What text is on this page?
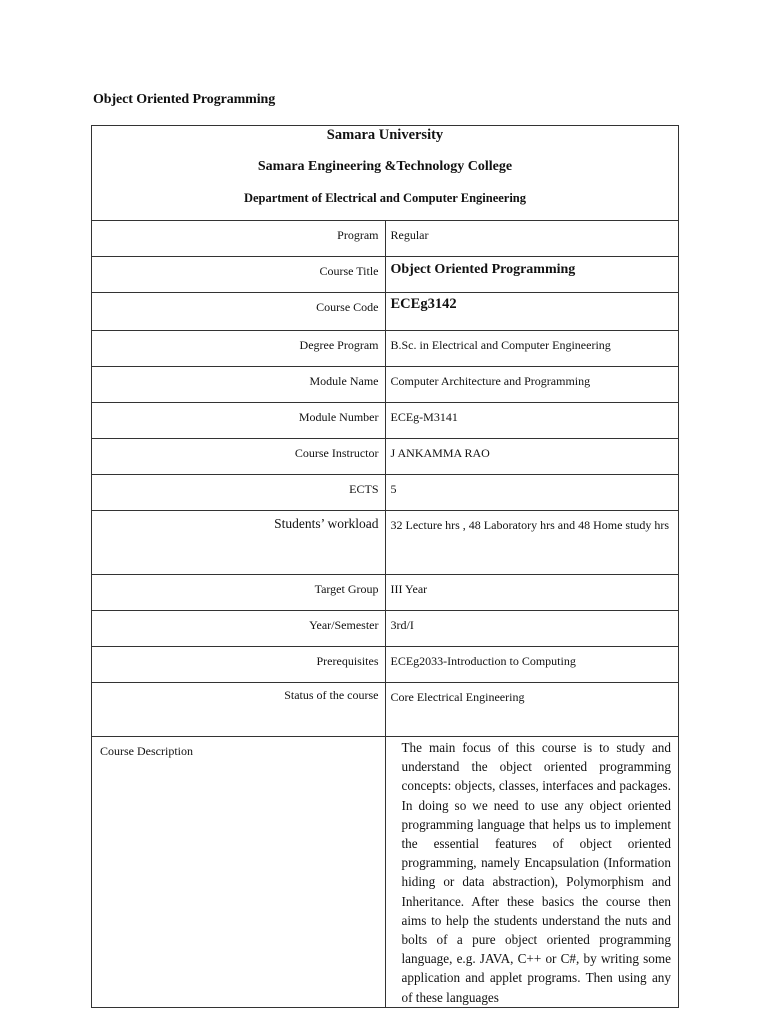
Object Oriented Programming
Samara University
Samara Engineering &Technology College
Department of Electrical and Computer Engineering	

Program	Regular
Course Title	Object Oriented Programming
Course Code	ECEg3142
Degree Program	B.Sc. in Electrical and Computer Engineering
Module Name	Computer Architecture and Programming
Module Number	ECEg-M3141
Course Instructor	J ANKAMMA RAO
ECTS	5
Students’ workload	32 Lecture hrs , 48 Laboratory hrs and 48 Home study hrs
Target Group	III Year
Year/Semester	3rd/I
Prerequisites	ECEg2033-Introduction to Computing
Status of the course	Core Electrical Engineering
Course Description	The main focus of this course is to study and understand the object oriented programming concepts: objects, classes, interfaces and packages. In doing so we need to use any object oriented programming language that helps us to implement the essential features of object oriented programming, namely Encapsulation (Information hiding or data abstraction), Polymorphism and Inheritance. After these basics the course then aims to help the students understand the nuts and bolts of a pure object oriented programming language, e.g. JAVA, C++ or C#, by writing some application and applet programs. Then using any of these languages
